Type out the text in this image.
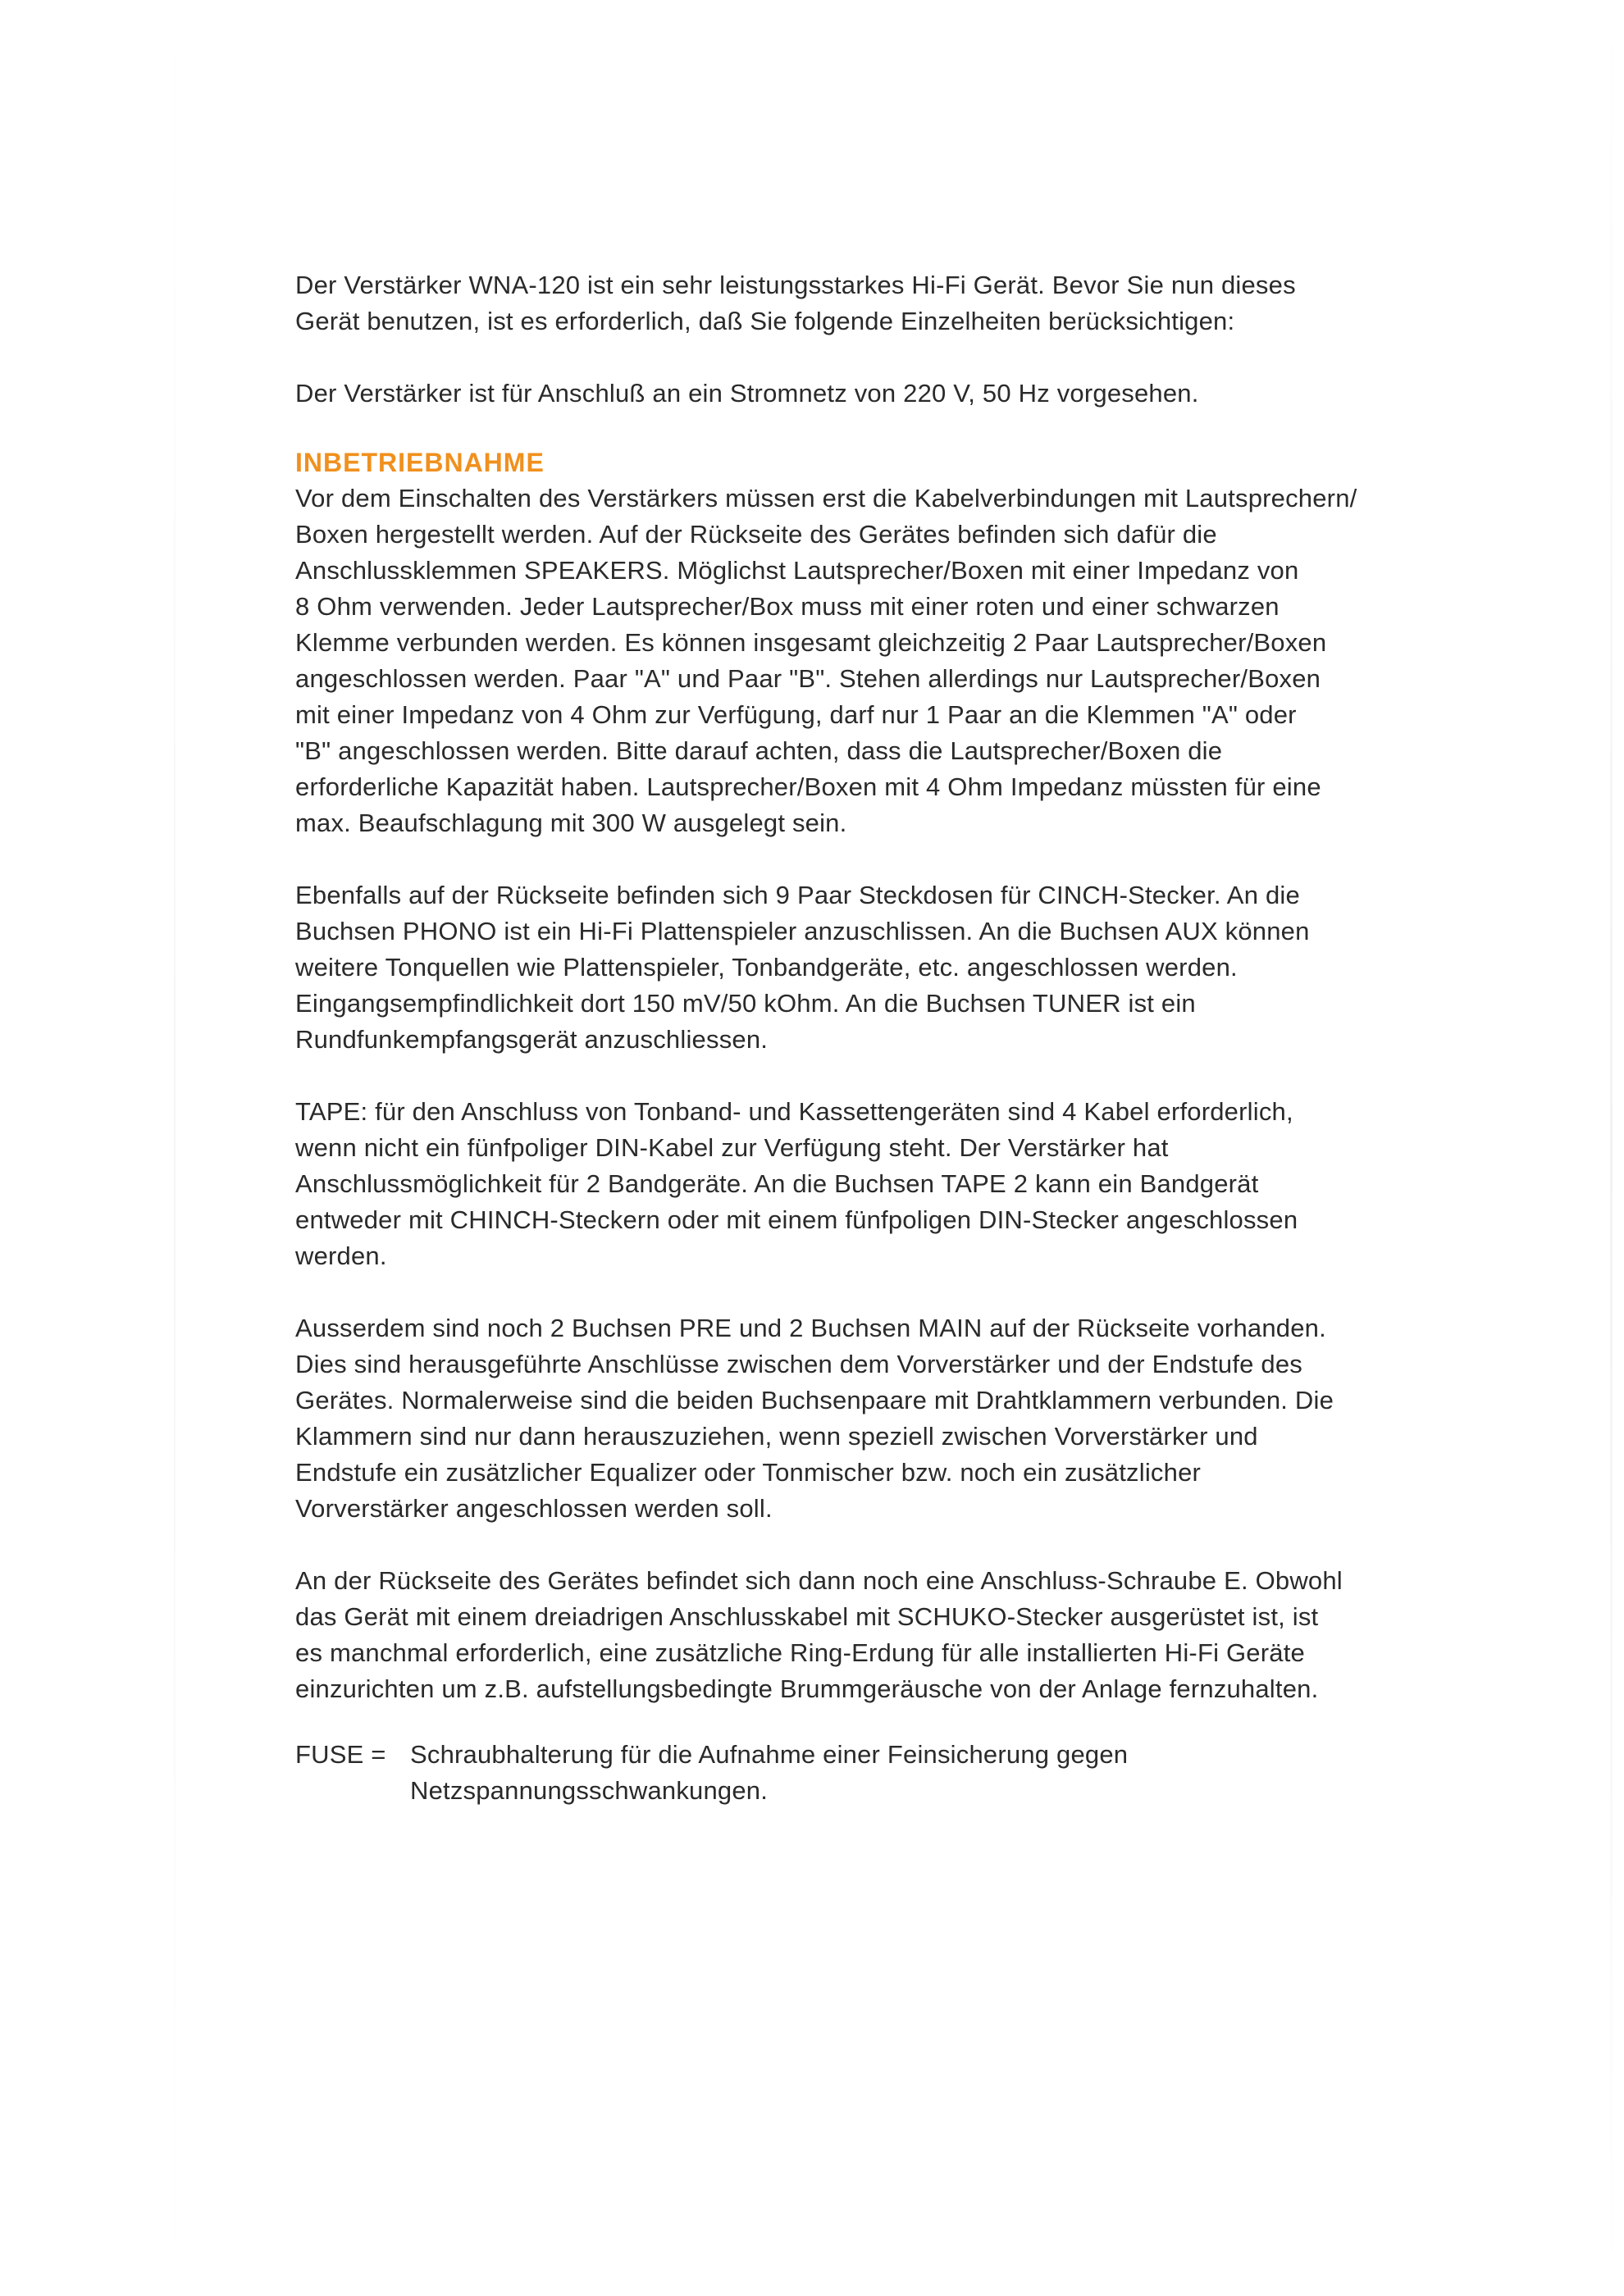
Der Verstärker WNA-120 ist ein sehr leistungsstarkes Hi-Fi Gerät. Bevor Sie nun dieses
Gerät benutzen, ist es erforderlich, daß Sie folgende Einzelheiten berücksichtigen:

Der Verstärker ist für Anschluß an ein Stromnetz von 220 V, 50 Hz vorgesehen.

INBETRIEBNAHME

Vor dem Einschalten des Verstärkers müssen erst die Kabelverbindungen mit Lautsprechern/
Boxen hergestellt werden. Auf der Rückseite des Gerätes befinden sich dafür die
Anschlussklemmen SPEAKERS. Möglichst Lautsprecher/Boxen mit einer Impedanz von
8 Ohm verwenden. Jeder Lautsprecher/Box muss mit einer roten und einer schwarzen
Klemme verbunden werden. Es können insgesamt gleichzeitig 2 Paar Lautsprecher/Boxen
angeschlossen werden. Paar "A" und Paar "B". Stehen allerdings nur Lautsprecher/Boxen
mit einer Impedanz von 4 Ohm zur Verfügung, darf nur 1 Paar an die Klemmen "A" oder
"B" angeschlossen werden. Bitte darauf achten, dass die Lautsprecher/Boxen die
erforderliche Kapazität haben. Lautsprecher/Boxen mit 4 Ohm Impedanz müssten für eine
max. Beaufschlagung mit 300 W ausgelegt sein.

Ebenfalls auf der Rückseite befinden sich 9 Paar Steckdosen für CINCH-Stecker. An die
Buchsen PHONO ist ein Hi-Fi Plattenspieler anzuschlissen. An die Buchsen AUX können
weitere Tonquellen wie Plattenspieler, Tonbandgeräte, etc. angeschlossen werden.
Eingangsempfindlichkeit dort 150 mV/50 kOhm. An die Buchsen TUNER ist ein
Rundfunkempfangsgerät anzuschliessen.

TAPE: für den Anschluss von Tonband- und Kassettengeräten sind 4 Kabel erforderlich,
wenn nicht ein fünfpoliger DIN-Kabel zur Verfügung steht. Der Verstärker hat
Anschlussmöglichkeit für 2 Bandgeräte. An die Buchsen TAPE 2 kann ein Bandgerät
entweder mit CHINCH-Steckern oder mit einem fünfpoligen DIN-Stecker angeschlossen
werden.

Ausserdem sind noch 2 Buchsen PRE und 2 Buchsen MAIN auf der Rückseite vorhanden.
Dies sind herausgeführte Anschlüsse zwischen dem Vorverstärker und der Endstufe des
Gerätes. Normalerweise sind die beiden Buchsenpaare mit Drahtklammern verbunden. Die
Klammern sind nur dann herauszuziehen, wenn speziell zwischen Vorverstärker und
Endstufe ein zusätzlicher Equalizer oder Tonmischer bzw. noch ein zusätzlicher
Vorverstärker angeschlossen werden soll.

An der Rückseite des Gerätes befindet sich dann noch eine Anschluss-Schraube E. Obwohl
das Gerät mit einem dreiadrigen Anschlusskabel mit SCHUKO-Stecker ausgerüstet ist, ist
es manchmal erforderlich, eine zusätzliche Ring-Erdung für alle installierten Hi-Fi Geräte
einzurichten um z.B. aufstellungsbedingte Brummgeräusche von der Anlage fernzuhalten.

FUSE = Schraubhalterung für die Aufnahme einer Feinsicherung gegen
Netzspannungsschwankungen.
